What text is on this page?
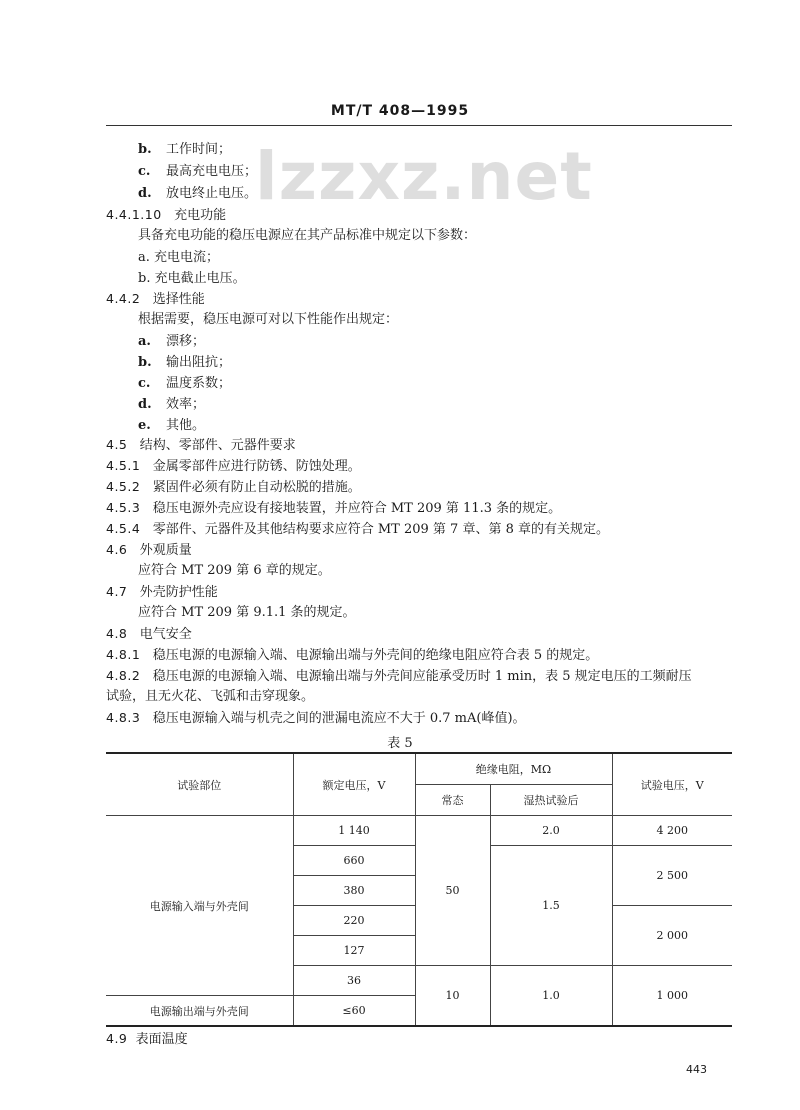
MT/T 408—1995
lzzxz.net
b. 工作时间；
c. 最高充电电压；
d. 放电终止电压。
4.4.1.10 充电功能
具备充电功能的稳压电源应在其产品标准中规定以下参数：
a. 充电电流；
b. 充电截止电压。
4.4.2 选择性能
根据需要，稳压电源可对以下性能作出规定：
a. 漂移；
b. 输出阻抗；
c. 温度系数；
d. 效率；
e. 其他。
4.5 结构、零部件、元器件要求
4.5.1 金属零部件应进行防锈、防蚀处理。
4.5.2 紧固件必须有防止自动松脱的措施。
4.5.3 稳压电源外壳应设有接地装置，并应符合 MT 209 第 11.3 条的规定。
4.5.4 零部件、元器件及其他结构要求应符合 MT 209 第 7 章、第 8 章的有关规定。
4.6 外观质量
应符合 MT 209 第 6 章的规定。
4.7 外壳防护性能
应符合 MT 209 第 9.1.1 条的规定。
4.8 电气安全
4.8.1 稳压电源的电源输入端、电源输出端与外壳间的绝缘电阻应符合表 5 的规定。
4.8.2 稳压电源的电源输入端、电源输出端与外壳间应能承受历时 1 min，表 5 规定电压的工频耐压
试验，且无火花、飞弧和击穿现象。
4.8.3 稳压电源输入端与机壳之间的泄漏电流应不大于 0.7 mA(峰值)。
表 5
试验部位	额定电压，V	绝缘电阻，MΩ		试验电压，V
		常态	湿热试验后	
电源输入端与外壳间	1 140	50	2.0	4 200
	660		1.5	2 500
	380			
	220			2 000
	127			
	36	10	1.0	1 000
电源输出端与外壳间	≤60			
4.9 表面温度
443
